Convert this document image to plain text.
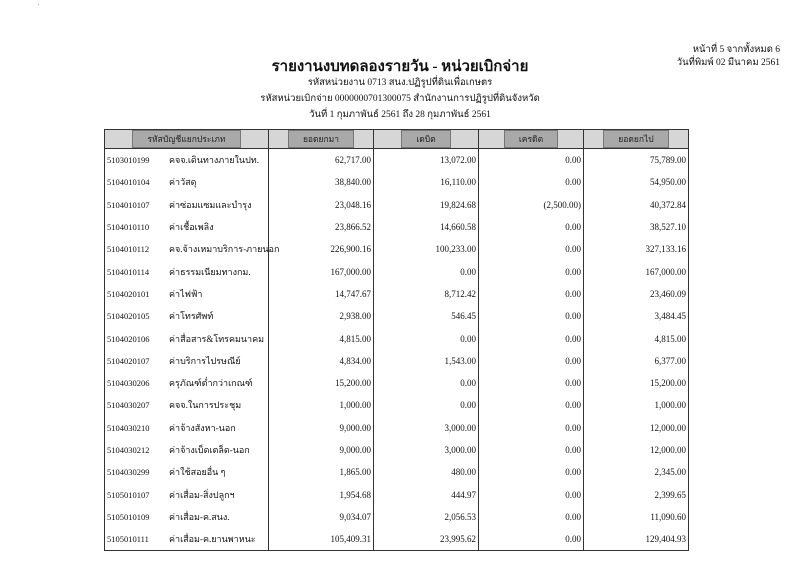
'
รายงานงบทดลองรายวัน - หน่วยเบิกจ่าย
รหัสหน่วยงาน 0713 สนง.ปฏิรูปที่ดินเพื่อเกษตร
รหัสหน่วยเบิกจ่าย 0000000701300075 สำนักงานการปฏิรูปที่ดินจังหวัด
วันที่ 1 กุมภาพันธ์ 2561 ถึง 28 กุมภาพันธ์ 2561
หน้าที่ 5 จากทั้งหมด 6
วันที่พิมพ์ 02 มีนาคม 2561
รหัสบัญชีแยกประเภท	ยอดยกมา	เดบิต	เครดิต	ยอดยกไป
5103010199 คจจ.เดินทางภายในปท.	62,717.00	13,072.00	0.00	75,789.00
5104010104 ค่าวัสดุ	38,840.00	16,110.00	0.00	54,950.00
5104010107 ค่าซ่อมแซมและบำรุง	23,048.16	19,824.68	(2,500.00)	40,372.84
5104010110 ค่าเชื้อเพลิง	23,866.52	14,660.58	0.00	38,527.10
5104010112 คจ.จ้างเหมาบริการ-ภายนอก	226,900.16	100,233.00	0.00	327,133.16
5104010114 ค่าธรรมเนียมทางกม.	167,000.00	0.00	0.00	167,000.00
5104020101 ค่าไฟฟ้า	14,747.67	8,712.42	0.00	23,460.09
5104020105 ค่าโทรศัพท์	2,938.00	546.45	0.00	3,484.45
5104020106 ค่าสื่อสาร&โทรคมนาคม	4,815.00	0.00	0.00	4,815.00
5104020107 ค่าบริการไปรษณีย์	4,834.00	1,543.00	0.00	6,377.00
5104030206 ครุภัณฑ์ต่ำกว่าเกณฑ์	15,200.00	0.00	0.00	15,200.00
5104030207 คจจ.ในการประชุม	1,000.00	0.00	0.00	1,000.00
5104030210 ค่าจ้างสังหา-นอก	9,000.00	3,000.00	0.00	12,000.00
5104030212 ค่าจ้างเบ็ดเตล็ด-นอก	9,000.00	3,000.00	0.00	12,000.00
5104030299 ค่าใช้สอยอื่น ๆ	1,865.00	480.00	0.00	2,345.00
5105010107 ค่าเสื่อม-สิ่งปลูกฯ	1,954.68	444.97	0.00	2,399.65
5105010109 ค่าเสื่อม-ค.สนง.	9,034.07	2,056.53	0.00	11,090.60
5105010111 ค่าเสื่อม-ค.ยานพาหนะ	105,409.31	23,995.62	0.00	129,404.93
